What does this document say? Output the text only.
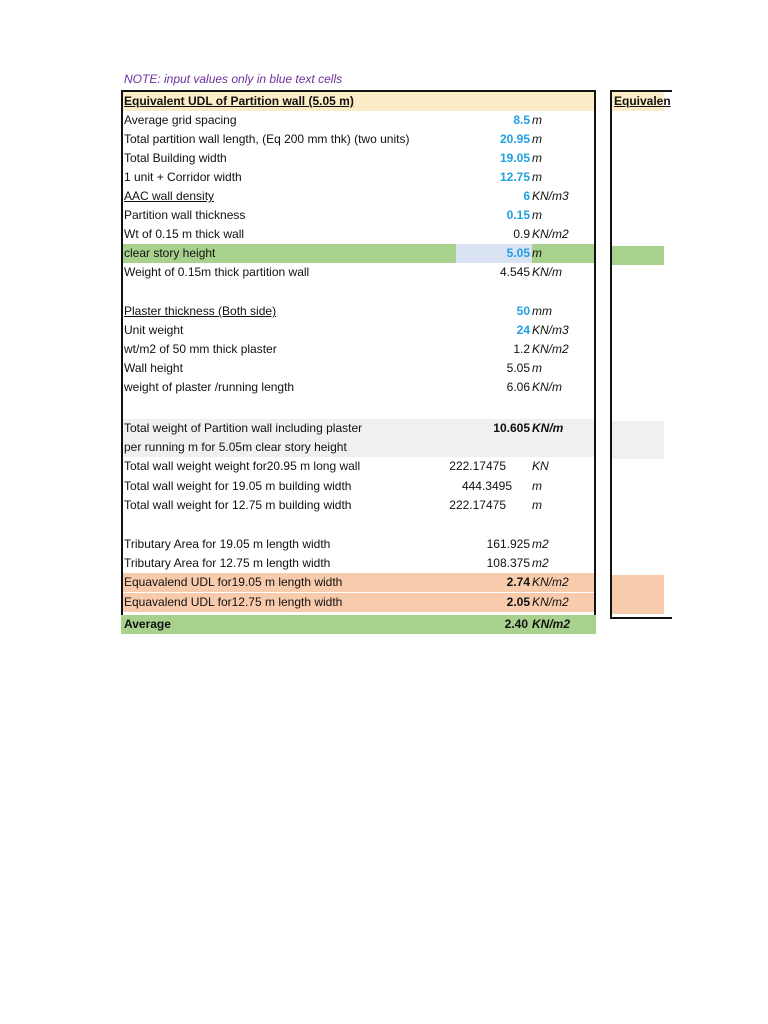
NOTE: input values only in blue text cells
Equivalent UDL of Partition wall (5.05 m)
Average grid spacing	8.5 m
Total partition wall length, (Eq 200 mm thk) (two units)	20.95 m
Total Building width	19.05 m
1 unit + Corridor width	12.75 m
AAC wall density	6 KN/m3
Partition wall thickness	0.15 m
Wt of 0.15 m thick wall	0.9 KN/m2
clear story height	5.05 m
Weight of 0.15m thick partition wall	4.545 KN/m
Plaster thickness (Both side)	50 mm
Unit weight	24 KN/m3
wt/m2 of 50 mm thick plaster	1.2 KN/m2
Wall height	5.05 m
weight of plaster /running length	6.06 KN/m
Total weight of Partition wall including plaster
per running m for 5.05m clear story height
10.605 KN/m
Total wall weight weight for20.95 m long wall	222.17475 KN
Total wall weight for 19.05 m building width	444.3495 m
Total wall weight for 12.75 m building width	222.17475 m
Tributary Area for 19.05 m length width	161.925 m2
Tributary Area for 12.75 m length width	108.375 m2
Equavalend UDL for19.05 m length width	2.74 KN/m2
Equavalend UDL for12.75 m length width	2.05 KN/m2
Average	2.40 KN/m2
Equivalen
